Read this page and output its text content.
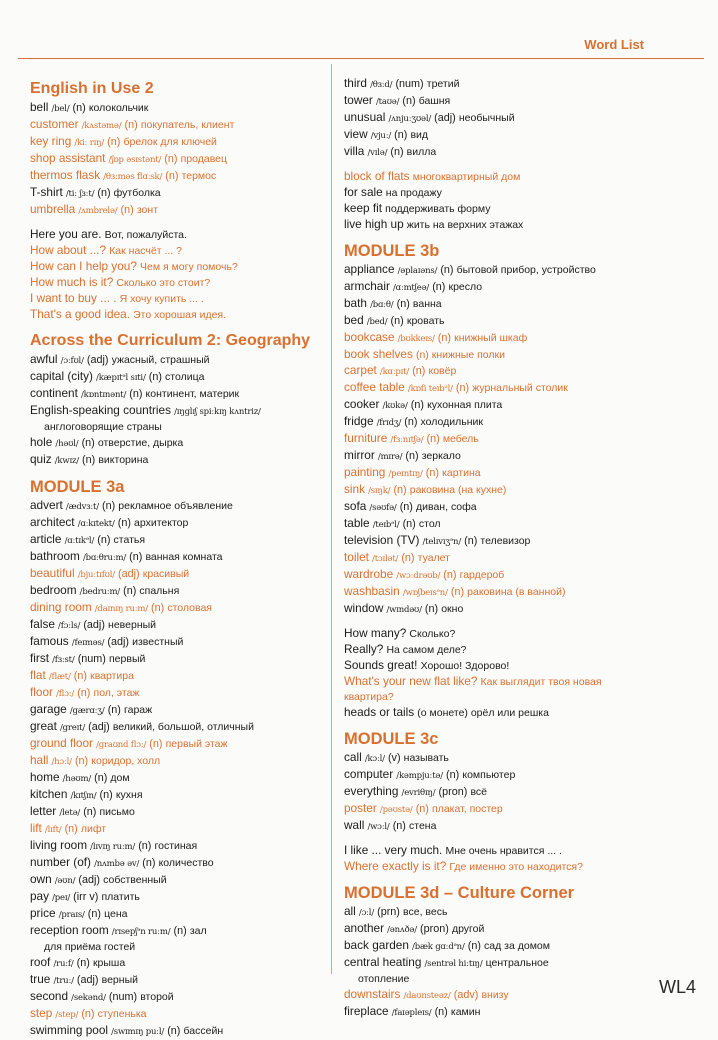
Word List
English in Use 2
bell /bel/ (n) колокольчик
customer /kʌstəmə/ (n) покупатель, клиент
key ring /kiː rɪŋ/ (n) брелок для ключей
shop assistant /ʃɒp əsɪstənt/ (n) продавец
thermos flask /θɜːməs flɑːsk/ (n) термос
T-shirt /tiː ʃɜːt/ (n) футболка
umbrella /ʌmbrelə/ (n) зонт
Here you are. Вот, пожалуйста.
How about ...? Как насчёт ... ?
How can I help you? Чем я могу помочь?
How much is it? Сколько это стоит?
I want to buy ... . Я хочу купить ... .
That's a good idea. Это хорошая идея.
Across the Curriculum 2: Geography
awful /ɔːfʊl/ (adj) ужасный, страшный
capital (city) /kæpɪtᵊl sɪti/ (n) столица
continent /kɒntɪnənt/ (n) континент, материк
English-speaking countries /ɪŋglɪʃ spiːkɪŋ kʌntriz/
англоговорящие страны
hole /həʊl/ (n) отверстие, дырка
quiz /kwɪz/ (n) викторина
MODULE 3a
advert /ædvɜːt/ (n) рекламное объявление
architect /ɑːkɪtekt/ (n) архитектор
article /ɑːtɪkᵊl/ (n) статья
bathroom /bɑːθruːm/ (n) ванная комната
beautiful /bjuːtɪfʊl/ (adj) красивый
bedroom /bedruːm/ (n) спальня
dining room /daɪnɪŋ ruːm/ (n) столовая
false /fɔːls/ (adj) неверный
famous /feɪməs/ (adj) известный
first /fɜːst/ (num) первый
flat /flæt/ (n) квартира
floor /flɔː/ (n) пол, этаж
garage /gærɑːʒ/ (n) гараж
great /greɪt/ (adj) великий, большой, отличный
ground floor /graʊnd flɔː/ (n) первый этаж
hall /hɔːl/ (n) коридор, холл
home /həʊm/ (n) дом
kitchen /kɪtʃɪn/ (n) кухня
letter /letə/ (n) письмо
lift /lɪft/ (n) лифт
living room /lɪvɪŋ ruːm/ (n) гостиная
number (of) /nʌmbə əv/ (n) количество
own /əʊn/ (adj) собственный
pay /peɪ/ (irr v) платить
price /praɪs/ (n) цена
reception room /rɪsepʃᵊn ruːm/ (n) зал
для приёма гостей
roof /ruːf/ (n) крыша
true /truː/ (adj) верный
second /sekənd/ (num) второй
step /step/ (n) ступенька
swimming pool /swɪmɪŋ puːl/ (n) бассейн
third /θɜːd/ (num) третий
tower /taʊə/ (n) башня
unusual /ʌnjuːʒʊəl/ (adj) необычный
view /vjuː/ (n) вид
villa /vɪlə/ (n) вилла
block of flats многоквартирный дом
for sale на продажу
keep fit поддерживать форму
live high up жить на верхних этажах
MODULE 3b
appliance /əplaɪəns/ (n) бытовой прибор, устройство
armchair /ɑːmtʃeə/ (n) кресло
bath /bɑːθ/ (n) ванна
bed /bed/ (n) кровать
bookcase /bʊkkeɪs/ (n) книжный шкаф
book shelves (n) книжные полки
carpet /kɑːpɪt/ (n) ковёр
coffee table /kɒfi teɪbᵊl/ (n) журнальный столик
cooker /kʊkə/ (n) кухонная плита
fridge /frɪdʒ/ (n) холодильник
furniture /fɜːnɪtʃə/ (n) мебель
mirror /mɪrə/ (n) зеркало
painting /peɪntɪŋ/ (n) картина
sink /sɪŋk/ (n) раковина (на кухне)
sofa /səʊfə/ (n) диван, софа
table /teɪbᵊl/ (n) стол
television (TV) /telɪvɪʒᵊn/ (n) телевизор
toilet /tɔɪlət/ (n) туалет
wardrobe /wɔːdrəʊb/ (n) гардероб
washbasin /wɒʃbeɪsᵊn/ (n) раковина (в ванной)
window /wɪndəʊ/ (n) окно
How many? Сколько?
Really? На самом деле?
Sounds great! Хорошо! Здорово!
What's your new flat like? Как выглядит твоя новая
квартира?
heads or tails (о монете) орёл или решка
MODULE 3c
call /kɔːl/ (v) называть
computer /kəmpjuːtə/ (n) компьютер
everything /evriθɪŋ/ (pron) всё
poster /pəʊstə/ (n) плакат, постер
wall /wɔːl/ (n) стена
I like ... very much. Мне очень нравится ... .
Where exactly is it? Где именно это находится?
MODULE 3d – Culture Corner
all /ɔːl/ (prn) все, весь
another /ənʌðə/ (pron) другой
back garden /bæk gɑːdᵊn/ (n) сад за домом
central heating /sentrəl hiːtɪŋ/ центральное
отопление
downstairs /daʊnsteəz/ (adv) внизу
fireplace /faɪəpleɪs/ (n) камин
WL4
